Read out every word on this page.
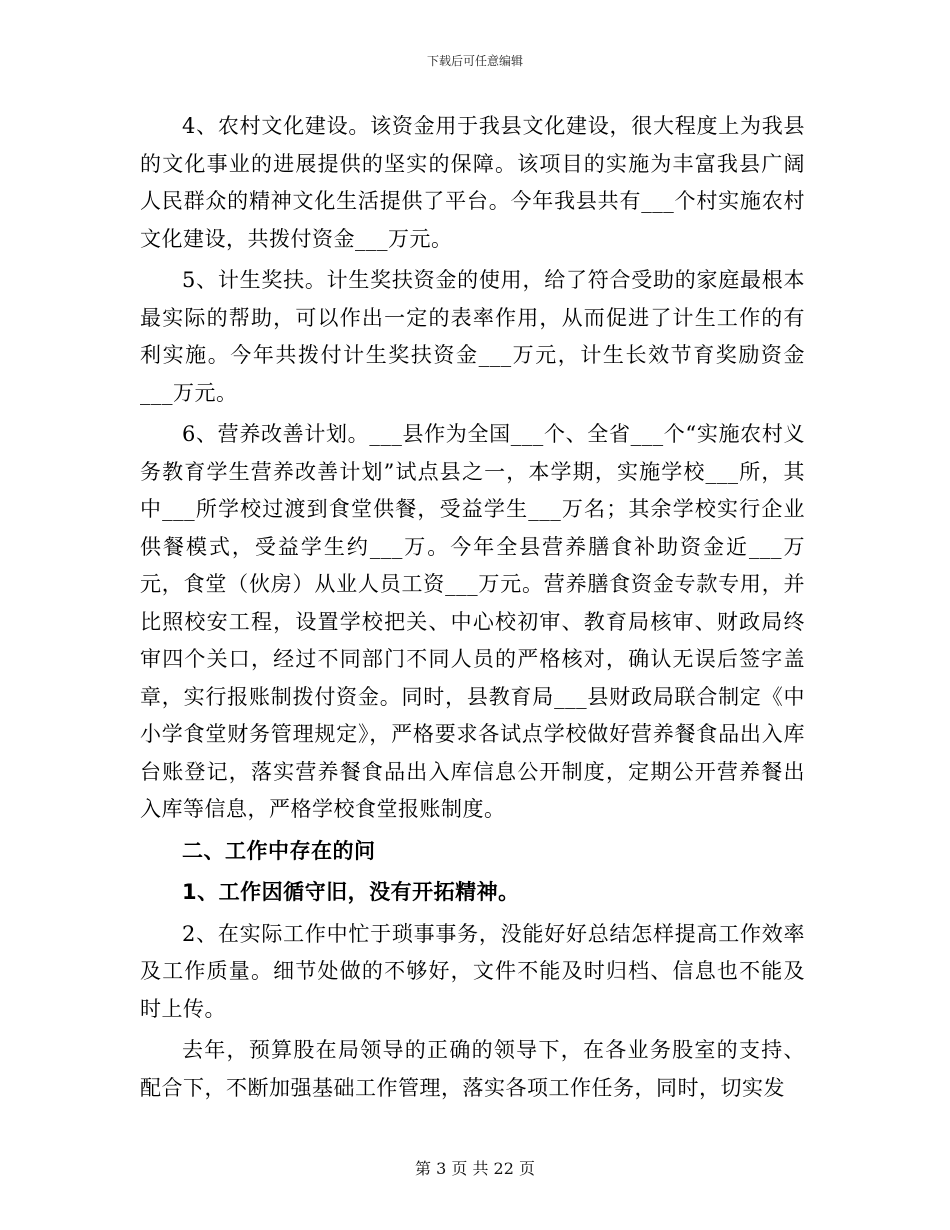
下载后可任意编辑

4、农村文化建设。该资金用于我县文化建设，很大程度上为我县的文化事业的进展提供的坚实的保障。该项目的实施为丰富我县广阔人民群众的精神文化生活提供了平台。今年我县共有___个村实施农村文化建设，共拨付资金___万元。

5、计生奖扶。计生奖扶资金的使用，给了符合受助的家庭最根本最实际的帮助，可以作出一定的表率作用，从而促进了计生工作的有利实施。今年共拨付计生奖扶资金___万元，计生长效节育奖励资金___万元。

6、营养改善计划。___县作为全国___个、全省___个“实施农村义务教育学生营养改善计划”试点县之一，本学期，实施学校___所，其中___所学校过渡到食堂供餐，受益学生___万名；其余学校实行企业供餐模式，受益学生约___万。今年全县营养膳食补助资金近___万元，食堂（伙房）从业人员工资___万元。营养膳食资金专款专用，并比照校安工程，设置学校把关、中心校初审、教育局核审、财政局终审四个关口，经过不同部门不同人员的严格核对，确认无误后签字盖章，实行报账制拨付资金。同时，县教育局___县财政局联合制定《中小学食堂财务管理规定》，严格要求各试点学校做好营养餐食品出入库台账登记，落实营养餐食品出入库信息公开制度，定期公开营养餐出入库等信息，严格学校食堂报账制度。

二、工作中存在的问

1、工作因循守旧，没有开拓精神。

2、在实际工作中忙于琐事事务，没能好好总结怎样提高工作效率及工作质量。细节处做的不够好，文件不能及时归档、信息也不能及时上传。

去年，预算股在局领导的正确的领导下，在各业务股室的支持、配合下，不断加强基础工作管理，落实各项工作任务，同时，切实发

第 3 页 共 22 页
